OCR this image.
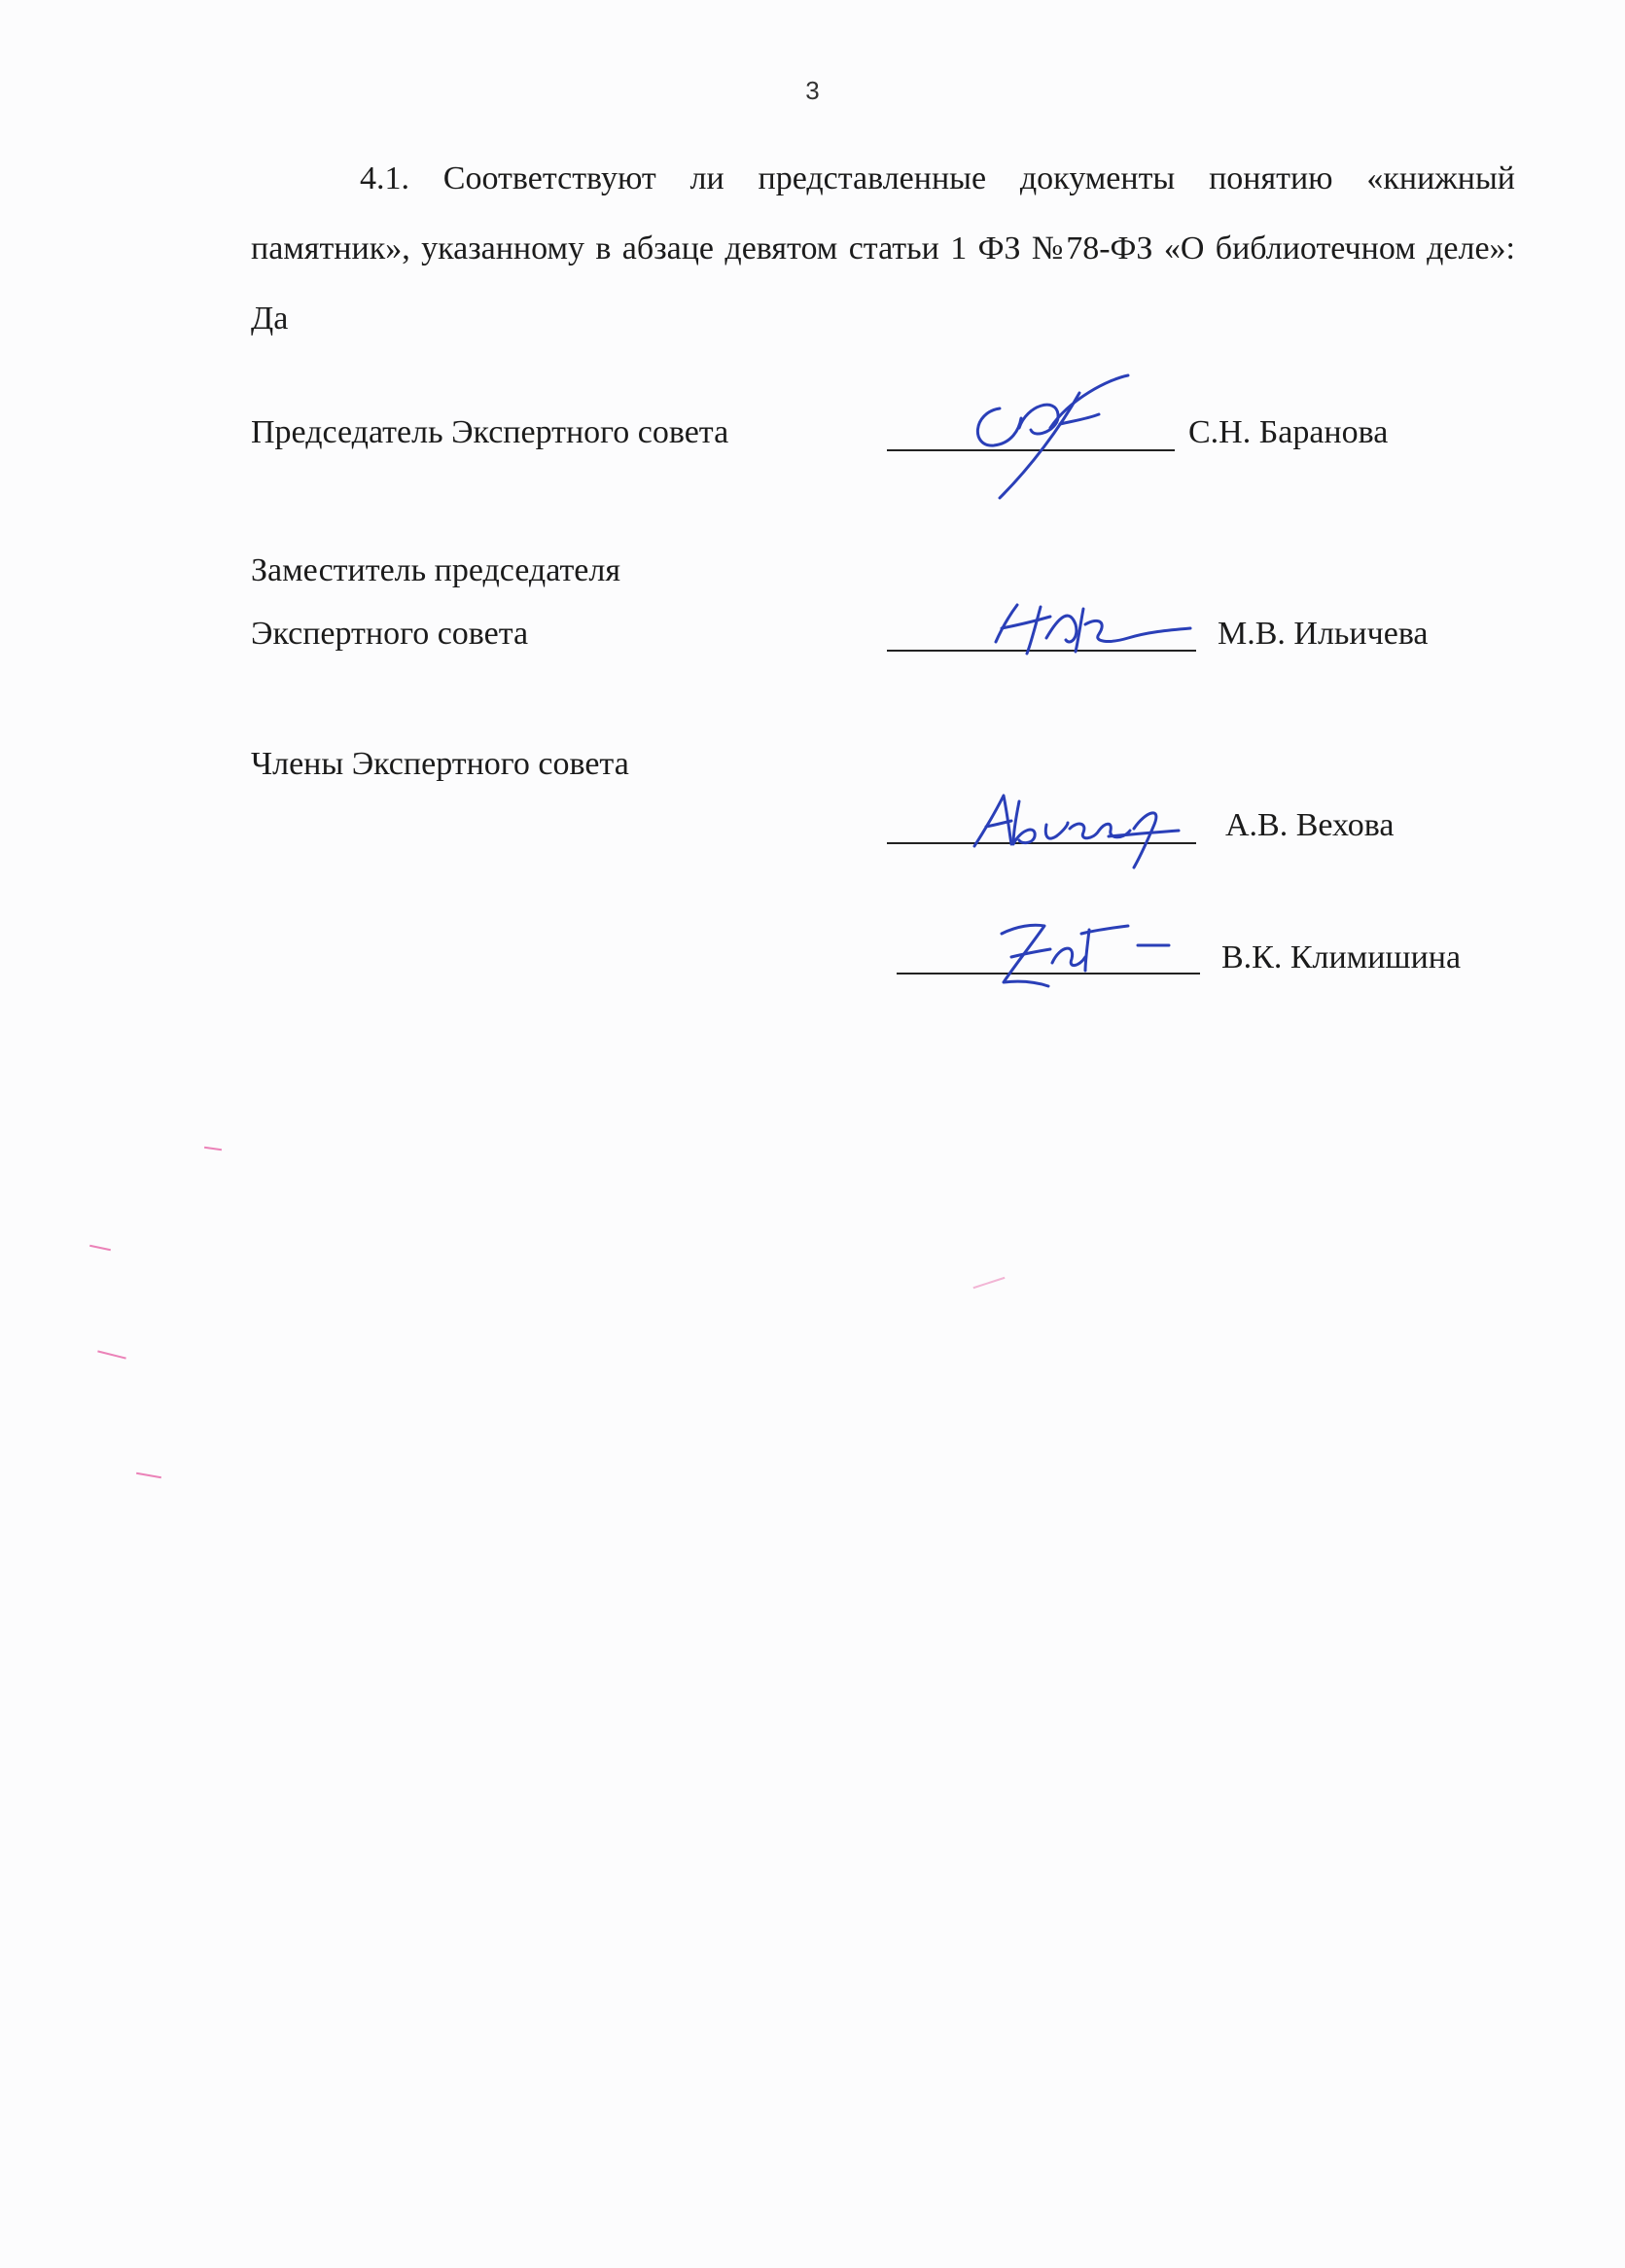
3

4.1. Соответствуют ли представленные документы понятию «книжный памятник», указанному в абзаце девятом статьи 1 ФЗ №78-ФЗ «О библиотечном деле»: Да

Председатель Экспертного совета	С.Н. Баранова
Заместитель председателя
Экспертного совета	М.В. Ильичева
Члены Экспертного совета
А.В. Вехова
В.К. Климишина
